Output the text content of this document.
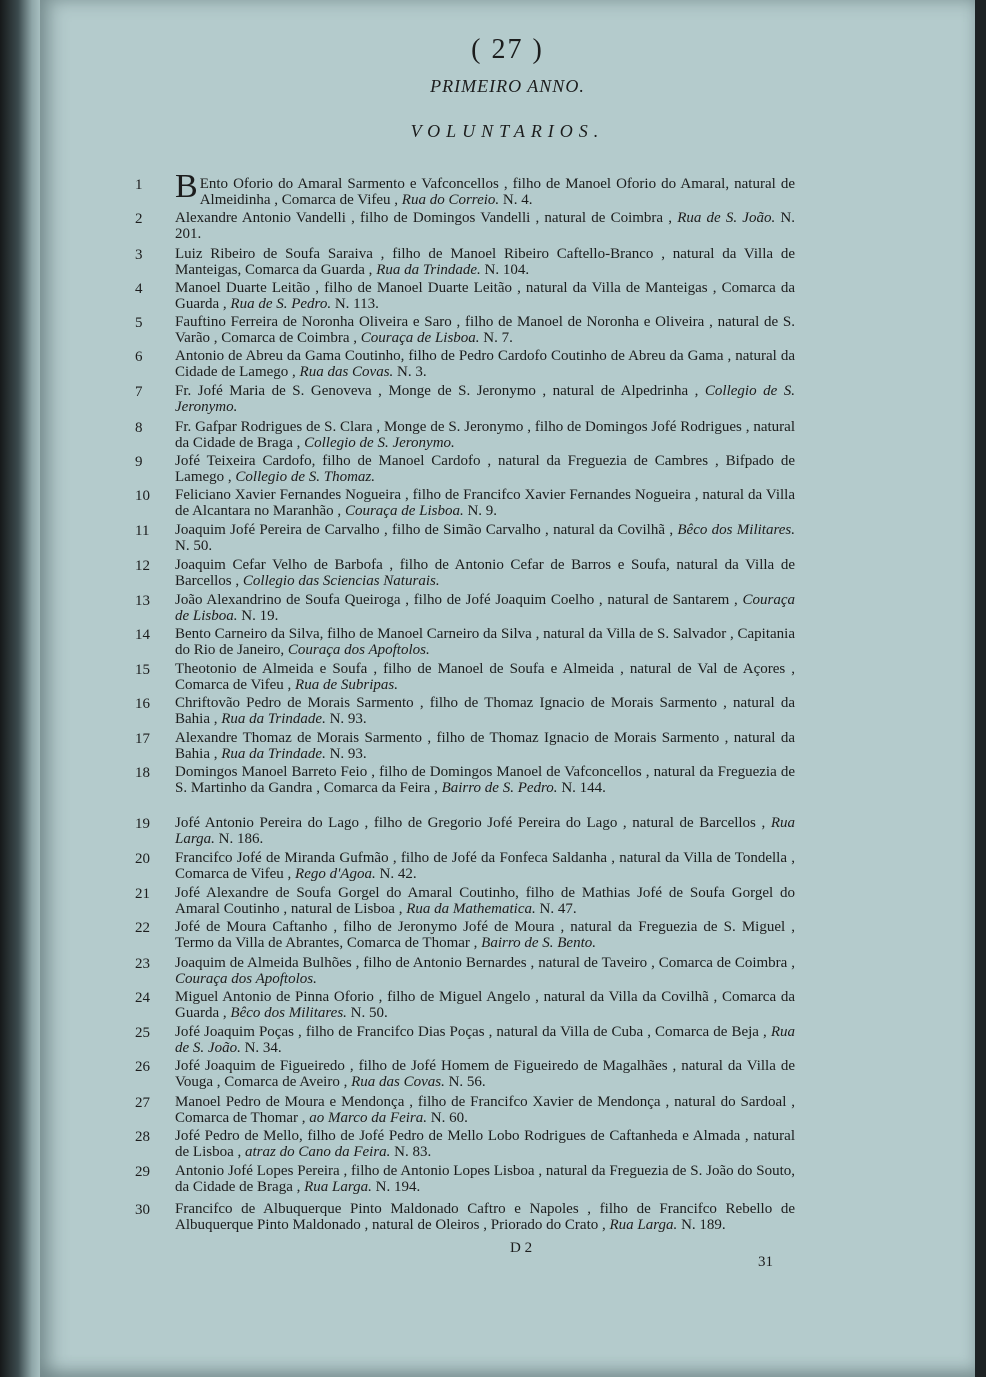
( 27 )
PRIMEIRO ANNO.
VOLUNTARIOS.
1 B Ento Oforio do Amaral Sarmento e Vafconcellos , filho de Manoel Oforio do Amaral, natural de Almeidinha , Comarca de Vifeu , Rua do Correio. N. 4.
2	Alexandre Antonio Vandelli , filho de Domingos Vandelli , natural de Coimbra , Rua de S. João. N. 201.
3	Luiz Ribeiro de Soufa Saraiva , filho de Manoel Ribeiro Caftello-Branco , natural da Villa de Manteigas, Comarca da Guarda , Rua da Trindade. N. 104.
4	Manoel Duarte Leitão , filho de Manoel Duarte Leitão , natural da Villa de Manteigas , Comarca da Guarda , Rua de S. Pedro. N. 113.
5	Fauftino Ferreira de Noronha Oliveira e Saro , filho de Manoel de Noronha e Oliveira , natural de S. Varão , Comarca de Coimbra , Couraça de Lisboa. N. 7.
6	Antonio de Abreu da Gama Coutinho, filho de Pedro Cardofo Coutinho de Abreu da Gama , natural da Cidade de Lamego , Rua das Covas. N. 3.
7	Fr. Jofé Maria de S. Genoveva , Monge de S. Jeronymo , natural de Alpedrinha , Collegio de S. Jeronymo.
8	Fr. Gafpar Rodrigues de S. Clara , Monge de S. Jeronymo , filho de Domingos Jofé Rodrigues , natural da Cidade de Braga , Collegio de S. Jeronymo.
9	Jofé Teixeira Cardofo, filho de Manoel Cardofo , natural da Freguezia de Cambres , Bifpado de Lamego , Collegio de S. Thomaz.
10	Feliciano Xavier Fernandes Nogueira , filho de Francifco Xavier Fernandes Nogueira , natural da Villa de Alcantara no Maranhão , Couraça de Lisboa. N. 9.
11	Joaquim Jofé Pereira de Carvalho , filho de Simão Carvalho , natural da Covilhã , Bêco dos Militares. N. 50.
12	Joaquim Cefar Velho de Barbofa , filho de Antonio Cefar de Barros e Soufa, natural da Villa de Barcellos , Collegio das Sciencias Naturais.
13	João Alexandrino de Soufa Queiroga , filho de Jofé Joaquim Coelho , natural de Santarem , Couraça de Lisboa. N. 19.
14	Bento Carneiro da Silva, filho de Manoel Carneiro da Silva , natural da Villa de S. Salvador , Capitania do Rio de Janeiro, Couraça dos Apoftolos.
15	Theotonio de Almeida e Soufa , filho de Manoel de Soufa e Almeida , natural de Val de Açores , Comarca de Vifeu , Rua de Subripas.
16	Chriftovão Pedro de Morais Sarmento , filho de Thomaz Ignacio de Morais Sarmento , natural da Bahia , Rua da Trindade. N. 93.
17	Alexandre Thomaz de Morais Sarmento , filho de Thomaz Ignacio de Morais Sarmento , natural da Bahia , Rua da Trindade. N. 93.
18	Domingos Manoel Barreto Feio , filho de Domingos Manoel de Vafconcellos , natural da Freguezia de S. Martinho da Gandra , Comarca da Feira , Bairro de S. Pedro. N. 144.
19	Jofé Antonio Pereira do Lago , filho de Gregorio Jofé Pereira do Lago , natural de Barcellos , Rua Larga. N. 186.
20	Francifco Jofé de Miranda Gufmão , filho de Jofé da Fonfeca Saldanha , natural da Villa de Tondella , Comarca de Vifeu , Rego d'Agoa. N. 42.
21	Jofé Alexandre de Soufa Gorgel do Amaral Coutinho, filho de Mathias Jofé de Soufa Gorgel do Amaral Coutinho , natural de Lisboa , Rua da Mathematica. N. 47.
22	Jofé de Moura Caftanho , filho de Jeronymo Jofé de Moura , natural da Freguezia de S. Miguel , Termo da Villa de Abrantes, Comarca de Thomar , Bairro de S. Bento.
23	Joaquim de Almeida Bulhões , filho de Antonio Bernardes , natural de Taveiro , Comarca de Coimbra , Couraça dos Apoftolos.
24	Miguel Antonio de Pinna Oforio , filho de Miguel Angelo , natural da Villa da Covilhã , Comarca da Guarda , Bêco dos Militares. N. 50.
25	Jofé Joaquim Poças , filho de Francifco Dias Poças , natural da Villa de Cuba , Comarca de Beja , Rua de S. João. N. 34.
26	Jofé Joaquim de Figueiredo , filho de Jofé Homem de Figueiredo de Magalhães , natural da Villa de Vouga , Comarca de Aveiro , Rua das Covas. N. 56.
27	Manoel Pedro de Moura e Mendonça , filho de Francifco Xavier de Mendonça , natural do Sardoal , Comarca de Thomar , ao Marco da Feira. N. 60.
28	Jofé Pedro de Mello, filho de Jofé Pedro de Mello Lobo Rodrigues de Caftanheda e Almada , natural de Lisboa , atraz do Cano da Feira. N. 83.
29	Antonio Jofé Lopes Pereira , filho de Antonio Lopes Lisboa , natural da Freguezia de S. João do Souto, da Cidade de Braga , Rua Larga. N. 194.
30	Francifco de Albuquerque Pinto Maldonado Caftro e Napoles , filho de Francifco Rebello de Albuquerque Pinto Maldonado , natural de Oleiros , Priorado do Crato , Rua Larga. N. 189.
D 2
31
